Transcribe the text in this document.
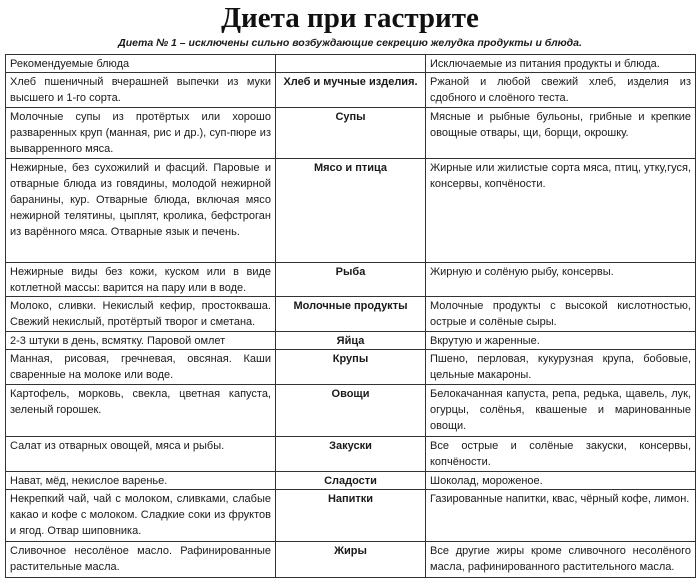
Диета при гастрите
Диета № 1 – исключены сильно возбуждающие секрецию желудка продукты и блюда.
Рекомендуемые блюда		Исключаемые из питания продукты и блюда.
Хлеб пшеничный вчерашней выпечки из муки высшего и 1-го сорта.	Хлеб и мучные изделия.	Ржаной и любой свежий хлеб, изделия из сдобного и слоёного теста.
Молочные супы из протёртых или хорошо разваренных круп (манная, рис и др.), суп-пюре из выварренного мяса.	Супы	Мясные и рыбные бульоны, грибные и крепкие овощные отвары, щи, борщи, окрошку.
Нежирные, без сухожилий и фасций. Паровые и отварные блюда из говядины, молодой нежирной баранины, кур. Отварные блюда, включая мясо нежирной телятины, цыплят, кролика, бефстроган из варённого мяса. Отварные язык и печень.	Мясо и птица	Жирные или жилистые сорта мяса, птиц, утку,гуся, консервы, копчёности.
Нежирные виды без кожи, куском или в виде котлетной массы: варится на пару или в воде.	Рыба	Жирную и солёную рыбу, консервы.
Молоко, сливки. Некислый кефир, простокваша. Свежий некислый, протёртый творог и сметана.	Молочные продукты	Молочные продукты с высокой кислотностью, острые и солёные сыры.
2-3 штуки в день, всмятку. Паровой омлет	Яйца	Вкрутую и жаренные.
Манная, рисовая, гречневая, овсяная. Каши сваренные на молоке или воде.	Крупы	Пшено, перловая, кукурузная крупа, бобовые, цельные макароны.
Картофель, морковь, свекла, цветная капуста, зеленый горошек.	Овощи	Белокачанная капуста, репа, редька, щавель, лук, огурцы, солёнья, квашеные и маринованные овощи.
Салат из отварных овощей, мяса и рыбы.	Закуски	Все острые и солёные закуски, консервы, копчёности.
Нават, мёд, некислое варенье.	Сладости	Шоколад, мороженое.
Некрепкий чай, чай с молоком, сливками, слабые какао и кофе с молоком. Сладкие соки из фруктов и ягод. Отвар шиповника.	Напитки	Газированные напитки, квас, чёрный кофе, лимон.
Сливочное несолёное масло. Рафинированные растительные масла.	Жиры	Все другие жиры кроме сливочного несолёного масла, рафинированного растительного масла.
